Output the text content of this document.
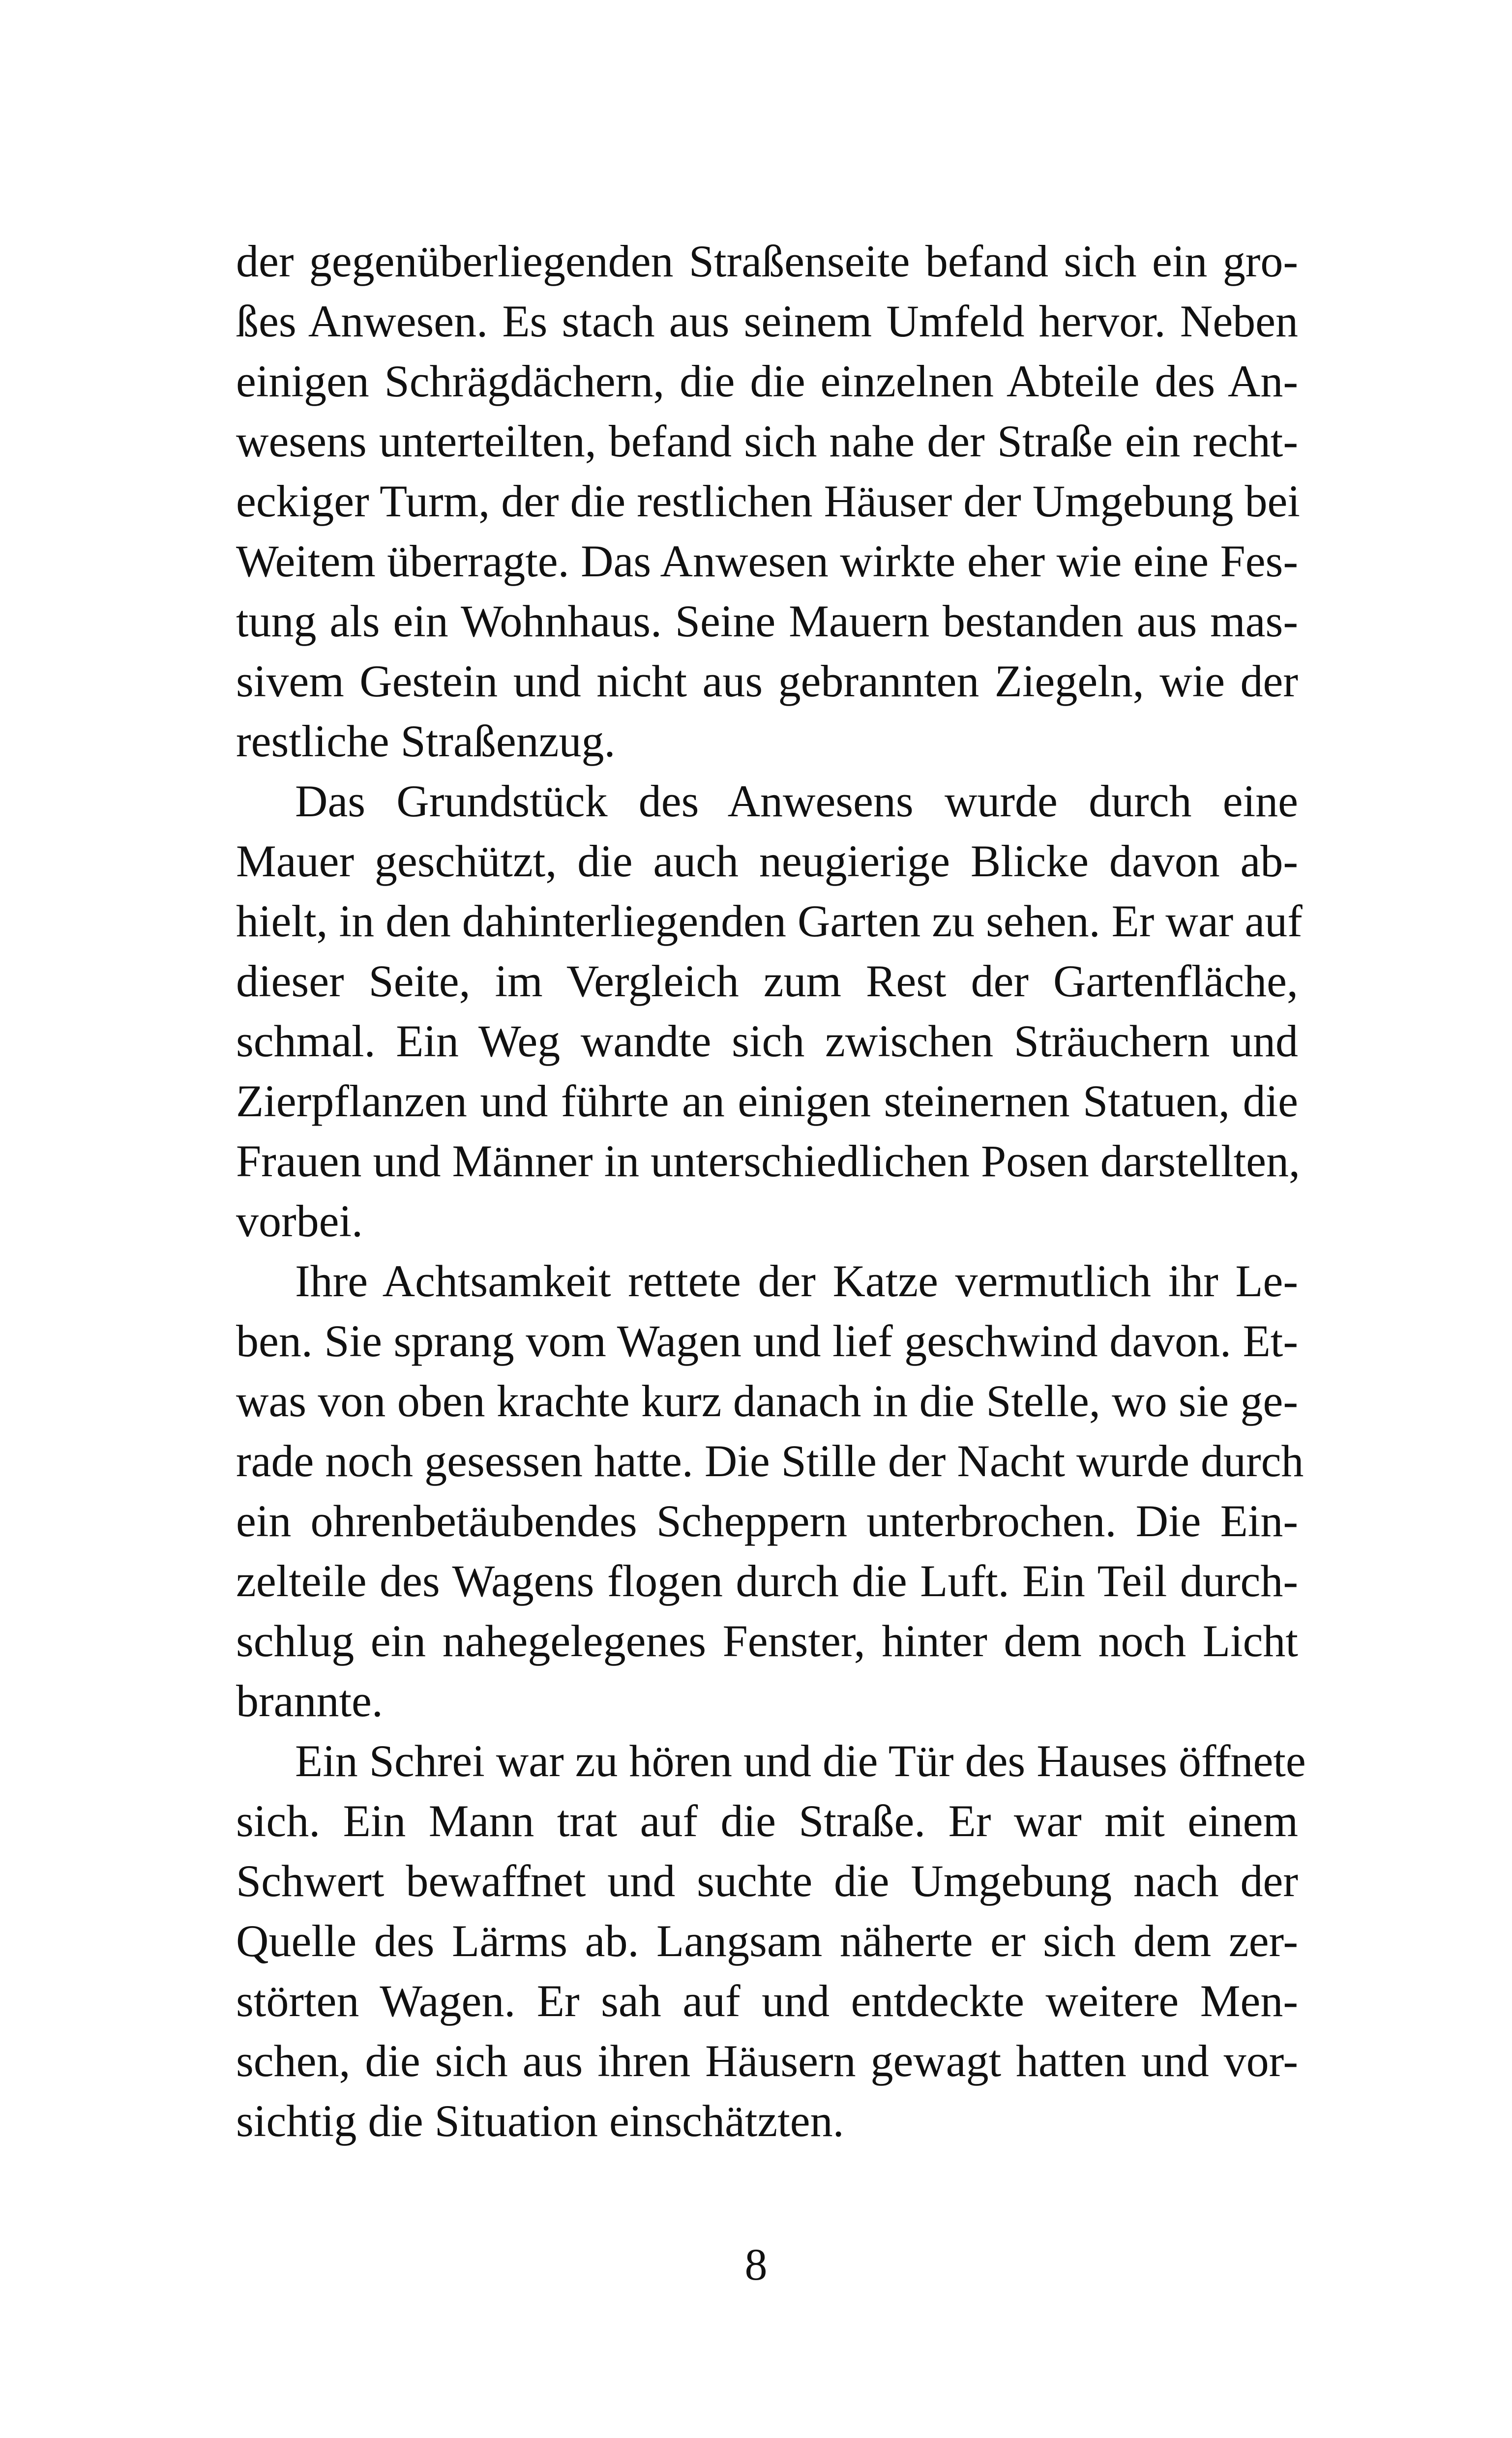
der gegenüberliegenden Straßenseite befand sich ein gro-
ßes Anwesen. Es stach aus seinem Umfeld hervor. Neben
einigen Schrägdächern, die die einzelnen Abteile des An-
wesens unterteilten, befand sich nahe der Straße ein recht-
eckiger Turm, der die restlichen Häuser der Umgebung bei
Weitem überragte. Das Anwesen wirkte eher wie eine Fes-
tung als ein Wohnhaus. Seine Mauern bestanden aus mas-
sivem Gestein und nicht aus gebrannten Ziegeln, wie der
restliche Straßenzug.
Das Grundstück des Anwesens wurde durch eine
Mauer geschützt, die auch neugierige Blicke davon ab-
hielt, in den dahinterliegenden Garten zu sehen. Er war auf
dieser Seite, im Vergleich zum Rest der Gartenfläche,
schmal. Ein Weg wandte sich zwischen Sträuchern und
Zierpflanzen und führte an einigen steinernen Statuen, die
Frauen und Männer in unterschiedlichen Posen darstellten,
vorbei.
Ihre Achtsamkeit rettete der Katze vermutlich ihr Le-
ben. Sie sprang vom Wagen und lief geschwind davon. Et-
was von oben krachte kurz danach in die Stelle, wo sie ge-
rade noch gesessen hatte. Die Stille der Nacht wurde durch
ein ohrenbetäubendes Scheppern unterbrochen. Die Ein-
zelteile des Wagens flogen durch die Luft. Ein Teil durch-
schlug ein nahegelegenes Fenster, hinter dem noch Licht
brannte.
Ein Schrei war zu hören und die Tür des Hauses öffnete
sich. Ein Mann trat auf die Straße. Er war mit einem
Schwert bewaffnet und suchte die Umgebung nach der
Quelle des Lärms ab. Langsam näherte er sich dem zer-
störten Wagen. Er sah auf und entdeckte weitere Men-
schen, die sich aus ihren Häusern gewagt hatten und vor-
sichtig die Situation einschätzten.
8
